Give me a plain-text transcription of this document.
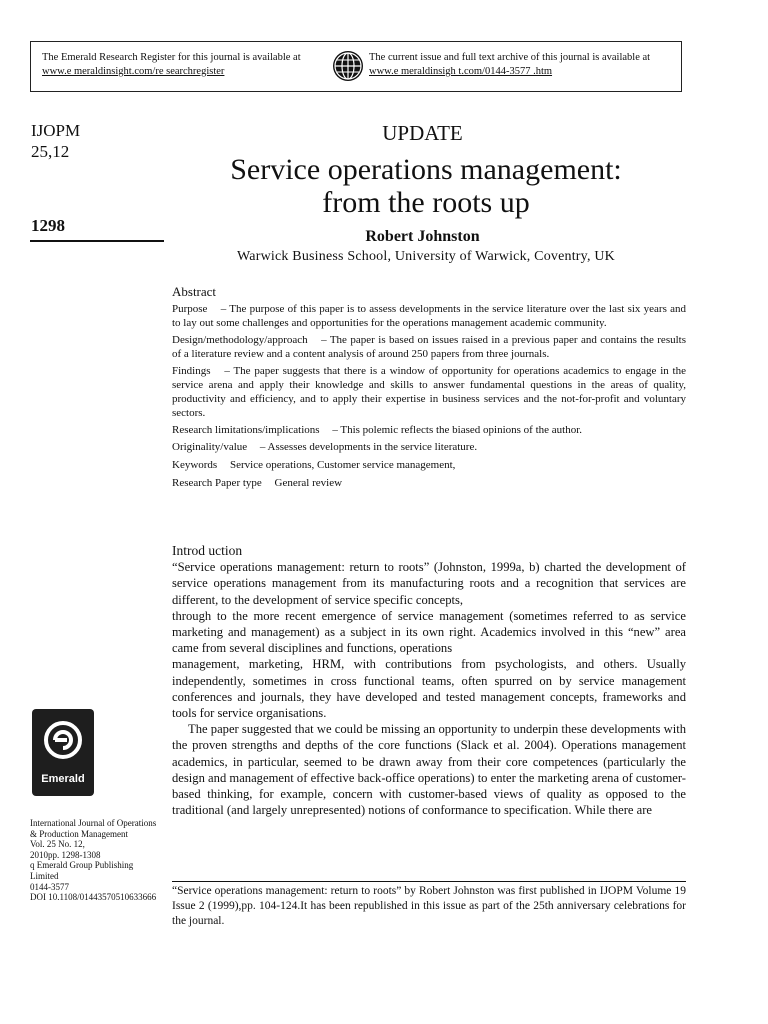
The Emerald Research Register for this journal is available at
www.e meraldinsight.com/re searchregister
The current issue and full text archive of this journal is available at
www.e meraldinsigh t.com/0144-3577 .htm
IJOPM
25,12
1298
UPDATE
Service operations management:
from the roots up
Robert Johnston
Warwick Business School, University of Warwick, Coventry, UK
Abstract
Purpose – The purpose of this paper is to assess developments in the service literature over the last six years and to lay out some challenges and opportunities for the operations management academic community.
Design/methodology/approach – The paper is based on issues raised in a previous paper and contains the results of a literature review and a content analysis of around 250 papers from three journals.
Findings – The paper suggests that there is a window of opportunity for operations academics to engage in the service arena and apply their knowledge and skills to answer fundamental questions in the areas of quality, productivity and efficiency, and to apply their expertise in business services and the not-for-profit and voluntary sectors.
Research limitations/implications – This polemic reflects the biased opinions of the author.
Originality/value – Assesses developments in the service literature.
Keywords Service operations, Customer service management,
Research Paper type General review
Introd uction

“Service operations management: return to roots” (Johnston, 1999a, b) charted the development of service operations management from its manufacturing roots and a recognition that services are different, to the development of service specific concepts,

through to the more recent emergence of service management (sometimes referred to as service marketing and management) as a subject in its own right. Academics involved in this “new” area came from several disciplines and functions, operations

management, marketing, HRM, with contributions from psychologists, and others. Usually independently, sometimes in cross functional teams, often spurred on by service management conferences and journals, they have developed and tested management concepts, frameworks and tools for service organisations.

The paper suggested that we could be missing an opportunity to underpin these developments with the proven strengths and depths of the core functions (Slack et al. 2004). Operations management academics, in particular, seemed to be drawn away from their core competences (particularly the design and management of effective back-office operations) to enter the marketing arena of customer-based thinking, for example, concern with customer-based views of quality as opposed to the traditional (and largely unrepresented) notions of conformance to specification. While there are

“Service operations management: return to roots” by Robert Johnston was first published in IJOPM Volume 19 Issue 2 (1999),pp. 104-124.It has been republished in this issue as part of the 25th anniversary celebrations for the journal.
Emerald
International Journal of Operations
& Production Management
Vol. 25 No. 12,
2010pp. 1298-1308
q Emerald Group Publishing
Limited
0144-3577
DOI 10.1108/01443570510633666
